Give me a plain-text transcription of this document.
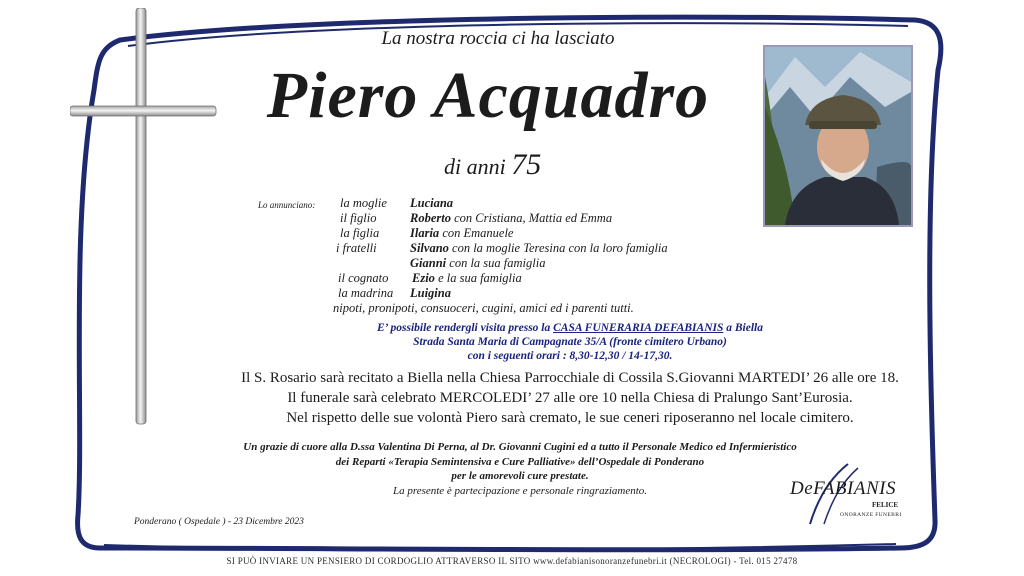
La nostra roccia ci ha lasciato
Piero Acquadro
di anni 75
Lo annunciano: la moglie Luciana
il figlio	Roberto con Cristiana, Mattia ed Emma
la figlia Ilaria con Emanuele
i fratelli	Silvano con la moglie Teresina con la loro famiglia
Gianni con la sua famiglia
il cognato Ezio e la sua famiglia
la madrina Luigina
nipoti, pronipoti, consuoceri, cugini, amici ed i parenti tutti.
E’ possibile rendergli visita presso la CASA FUNERARIA DEFABIANIS a Biella
Strada Santa Maria di Campagnate 35/A (fronte cimitero Urbano)
con i seguenti orari : 8,30-12,30 / 14-17,30.
Il S. Rosario sarà recitato a Biella nella Chiesa Parrocchiale di Cossila S.Giovanni MARTEDI’ 26 alle ore 18.
Il funerale sarà celebrato MERCOLEDI’ 27 alle ore 10 nella Chiesa di Pralungo Sant’Eurosia.
Nel rispetto delle sue volontà Piero sarà cremato, le sue ceneri riposeranno nel locale cimitero.
Un grazie di cuore alla D.ssa Valentina Di Perna, al Dr. Giovanni Cugini ed a tutto il Personale Medico ed Infermieristico
dei Reparti «Terapia Semintensiva e Cure Palliative» dell’Ospedale di Ponderano
per le amorevoli cure prestate.
La presente è partecipazione e personale ringraziamento.
Ponderano ( Ospedale ) - 23 Dicembre 2023
DeFABIANIS
FELICE
ONORANZE FUNEBRI
SI PUÒ INVIARE UN PENSIERO DI CORDOGLIO ATTRAVERSO IL SITO www.defabianisonoranzefunebri.it (NECROLOGI) - Tel. 015 27478
